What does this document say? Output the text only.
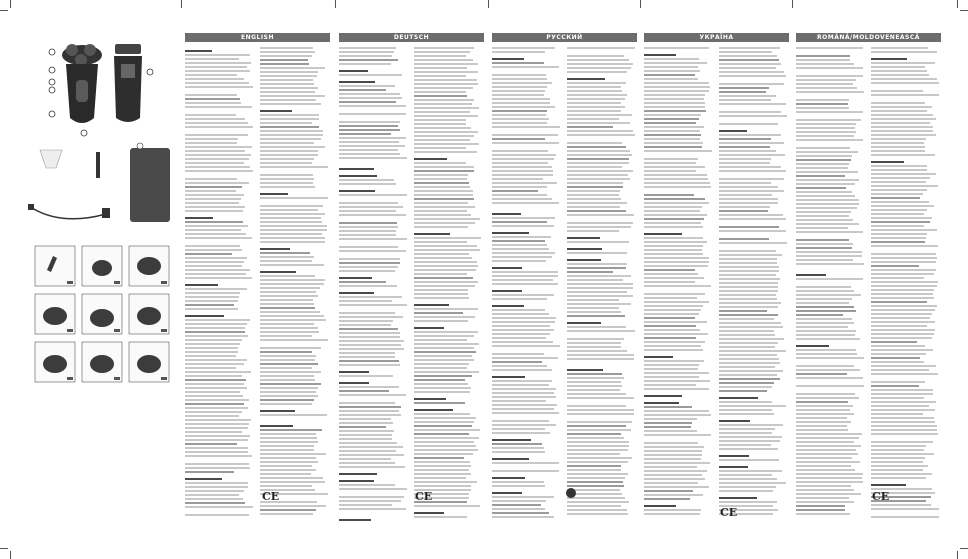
ENGLISH	DEUTSCH	РУССКИЙ	УКРАЇНА	ROMÂNĂ/MOLDOVENEASCĂ
CE	CE
CE
CE
